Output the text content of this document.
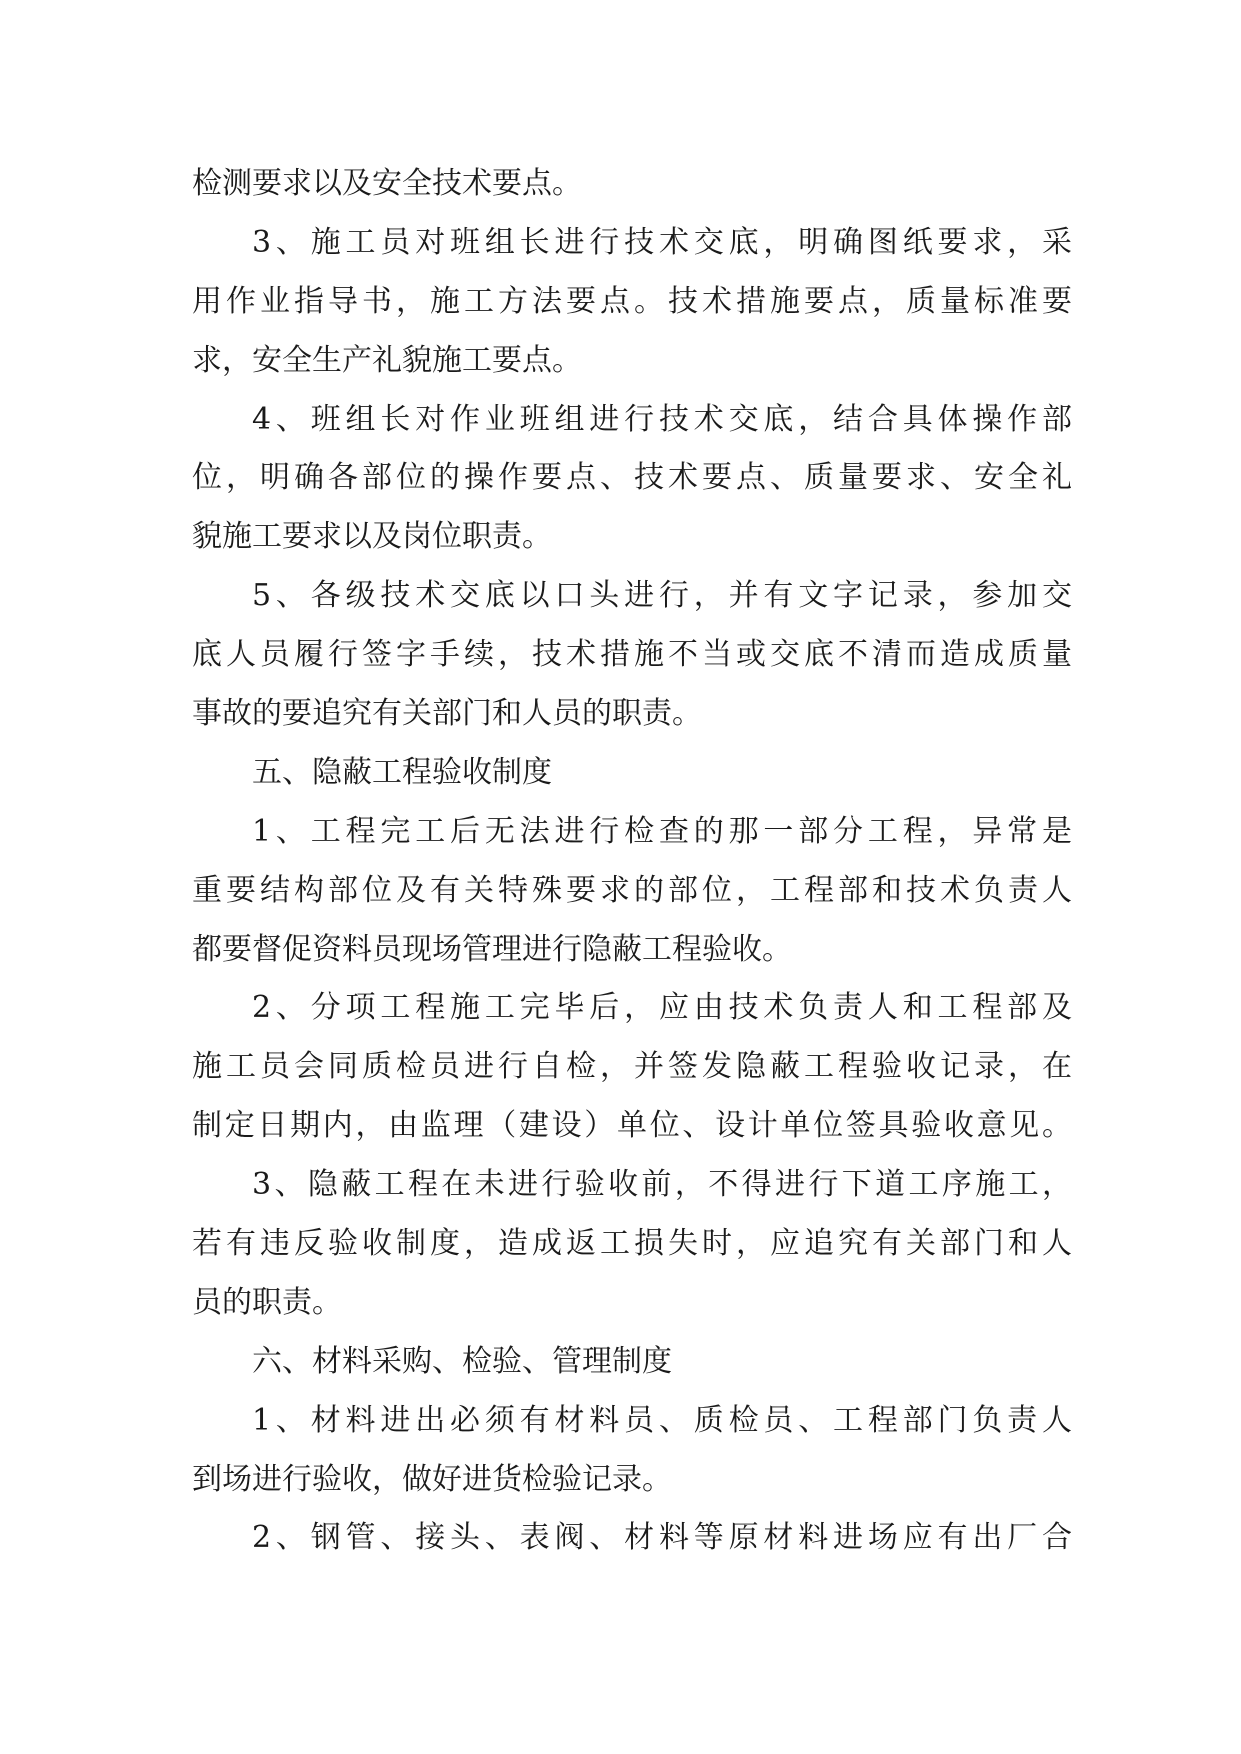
检测要求以及安全技术要点。
3、施工员对班组长进行技术交底，明确图纸要求，采
用作业指导书，施工方法要点。技术措施要点，质量标准要
求，安全生产礼貌施工要点。
4、班组长对作业班组进行技术交底，结合具体操作部
位，明确各部位的操作要点、技术要点、质量要求、安全礼
貌施工要求以及岗位职责。
5、各级技术交底以口头进行，并有文字记录，参加交
底人员履行签字手续，技术措施不当或交底不清而造成质量
事故的要追究有关部门和人员的职责。
五、隐蔽工程验收制度
1、工程完工后无法进行检查的那一部分工程，异常是
重要结构部位及有关特殊要求的部位，工程部和技术负责人
都要督促资料员现场管理进行隐蔽工程验收。
2、分项工程施工完毕后，应由技术负责人和工程部及
施工员会同质检员进行自检，并签发隐蔽工程验收记录，在
制定日期内，由监理（建设）单位、设计单位签具验收意见。
3、隐蔽工程在未进行验收前，不得进行下道工序施工，
若有违反验收制度，造成返工损失时，应追究有关部门和人
员的职责。
六、材料采购、检验、管理制度
1、材料进出必须有材料员、质检员、工程部门负责人
到场进行验收，做好进货检验记录。
2、钢管、接头、表阀、材料等原材料进场应有出厂合
